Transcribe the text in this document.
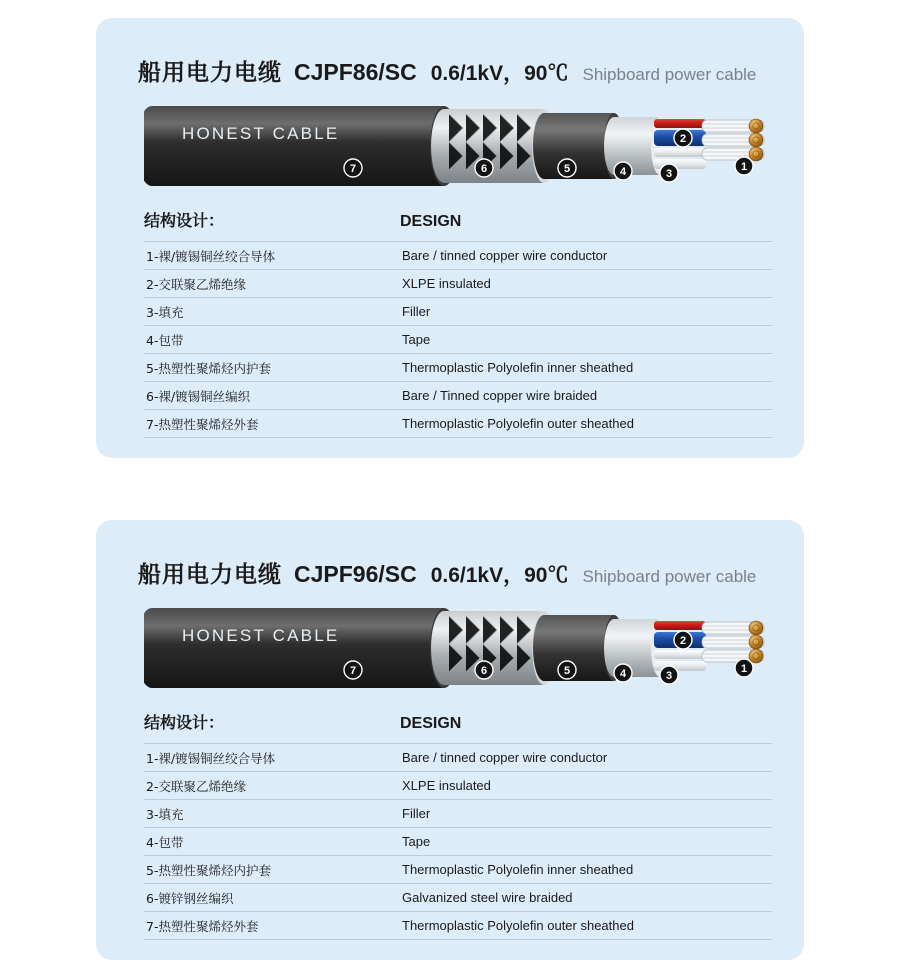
船用电力电缆 CJPF86/SC 0.6/1kV，90℃ Shipboard power cable
HONEST CABLE
7	6	5	4	3
2
1
结构设计：	DESIGN
1-裸/镀锡铜丝绞合导体	Bare / tinned copper wire conductor
2-交联聚乙烯绝缘	XLPE insulated
3-填充	Filler
4-包带	Tape
5-热塑性聚烯烃内护套	Thermoplastic Polyolefin inner sheathed
6-裸/镀锡铜丝编织	Bare / Tinned copper wire braided
7-热塑性聚烯烃外套	Thermoplastic Polyolefin outer sheathed
船用电力电缆 CJPF96/SC 0.6/1kV，90℃ Shipboard power cable
HONEST CABLE
7	6	5	4	3
2
1
结构设计：	DESIGN
1-裸/镀锡铜丝绞合导体	Bare / tinned copper wire conductor
2-交联聚乙烯绝缘	XLPE insulated
3-填充	Filler
4-包带	Tape
5-热塑性聚烯烃内护套	Thermoplastic Polyolefin inner sheathed
6-镀锌钢丝编织	Galvanized steel wire braided
7-热塑性聚烯烃外套	Thermoplastic Polyolefin outer sheathed
